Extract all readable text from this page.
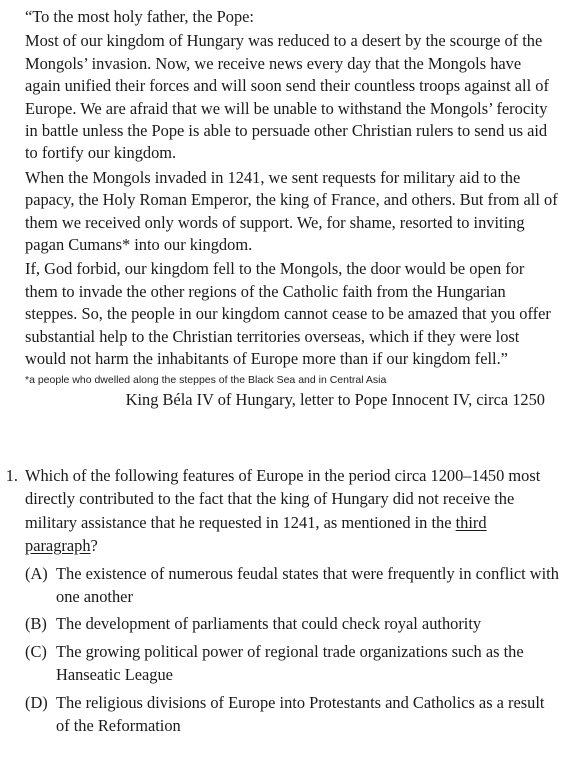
“To the most holy father, the Pope:

Most of our kingdom of Hungary was reduced to a desert by the scourge of the Mongols’ invasion. Now, we receive news every day that the Mongols have again unified their forces and will soon send their countless troops against all of Europe. We are afraid that we will be unable to withstand the Mongols’ ferocity in battle unless the Pope is able to persuade other Christian rulers to send us aid to fortify our kingdom.

When the Mongols invaded in 1241, we sent requests for military aid to the papacy, the Holy Roman Emperor, the king of France, and others. But from all of them we received only words of support. We, for shame, resorted to inviting pagan Cumans* into our kingdom.

If, God forbid, our kingdom fell to the Mongols, the door would be open for them to invade the other regions of the Catholic faith from the Hungarian steppes. So, the people in our kingdom cannot cease to be amazed that you offer substantial help to the Christian territories overseas, which if they were lost would not harm the inhabitants of Europe more than if our kingdom fell.”

*a people who dwelled along the steppes of the Black Sea and in Central Asia

King Béla IV of Hungary, letter to Pope Innocent IV, circa 1250

1. Which of the following features of Europe in the period circa 1200–1450 most directly contributed to the fact that the king of Hungary did not receive the military assistance that he requested in 1241, as mentioned in the third paragraph?

(A) The existence of numerous feudal states that were frequently in conflict with one another
(B) The development of parliaments that could check royal authority
(C) The growing political power of regional trade organizations such as the Hanseatic League
(D) The religious divisions of Europe into Protestants and Catholics as a result of the Reformation
